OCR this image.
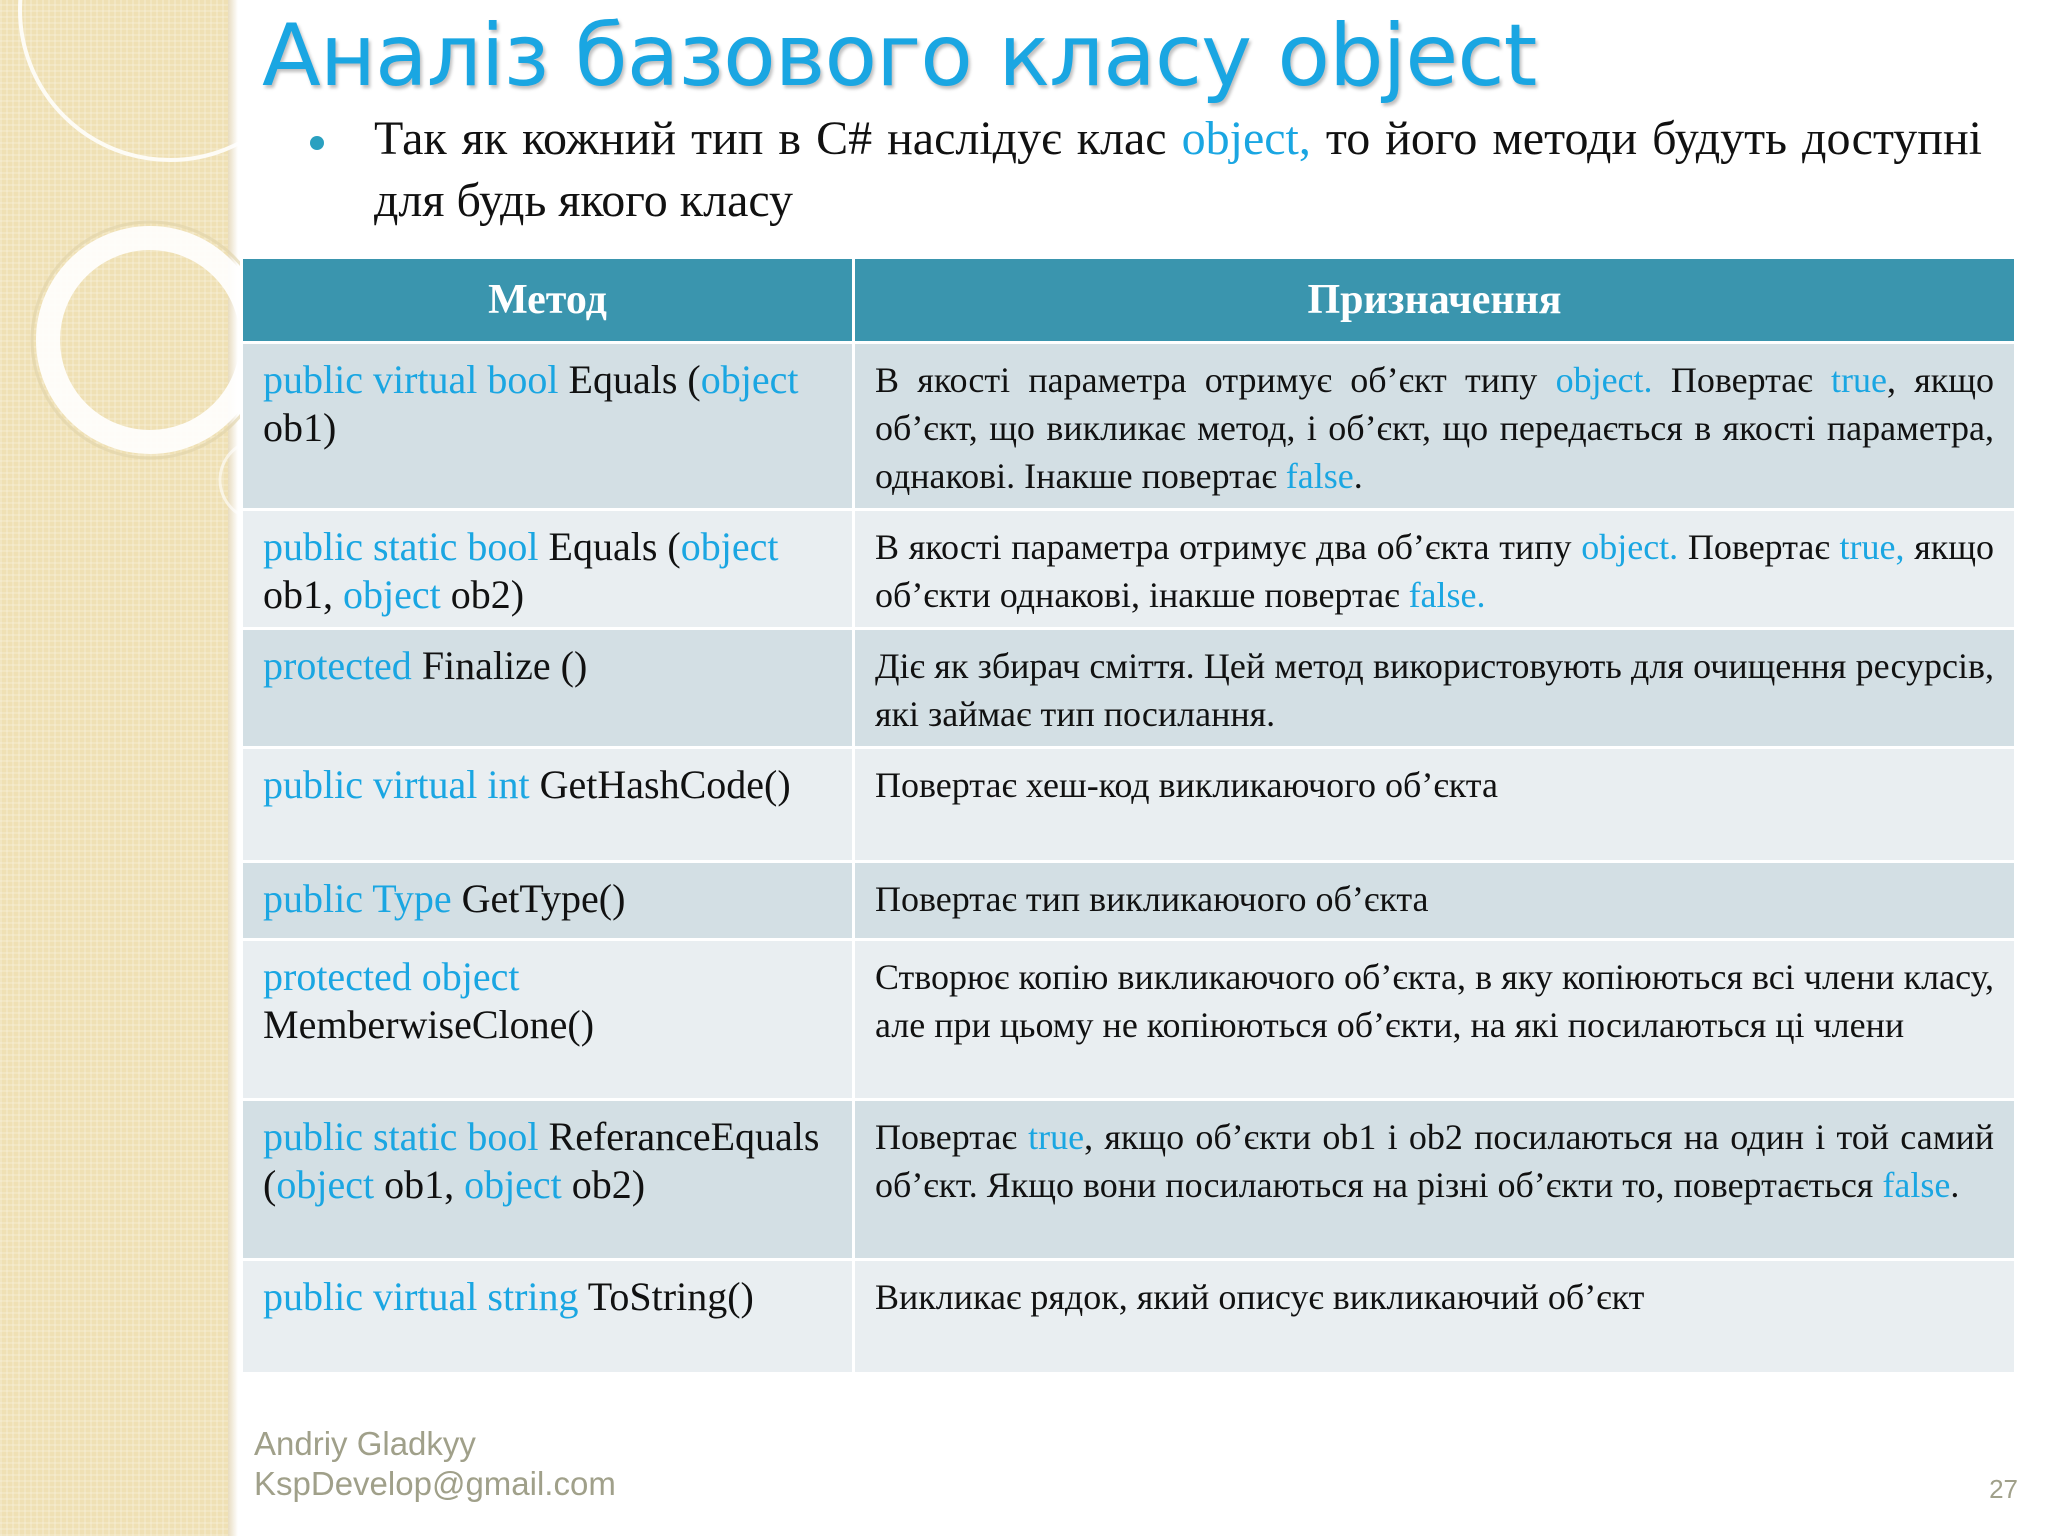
Аналіз базового класу object

Так як кожний тип в C# наслідує клас object, то його методи будуть доступні для будь якого класу

Метод	Призначення
public virtual bool Equals (object ob1)	В якості параметра отримує об’єкт типу object. Повертає true, якщо об’єкт, що викликає метод, і об’єкт, що передається в якості параметра, однакові. Інакше повертає false.
public static bool Equals (object ob1, object ob2)	В якості параметра отримує два об’єкта типу object. Повертає true, якщо об’єкти однакові, інакше повертає false.
protected Finalize ()	Діє як збирач сміття. Цей метод використовують для очищення ресурсів, які займає тип посилання.
public virtual int GetHashCode()	Повертає хеш-код викликаючого об’єкта
public Type GetType()	Повертає тип викликаючого об’єкта
protected object MemberwiseClone()	Створює копію викликаючого об’єкта, в яку копіюються всі члени класу, але при цьому не копіюються об’єкти, на які посилаються ці члени
public static bool ReferanceEquals (object ob1, object ob2)	Повертає true, якщо об’єкти ob1 і ob2 посилаються на один і той самий об’єкт. Якщо вони посилаються на різні об’єкти то, повертається false.
public virtual string ToString()	Викликає рядок, який описує викликаючий об’єкт
Andriy Gladkyy
KspDevelop@gmail.com	27
